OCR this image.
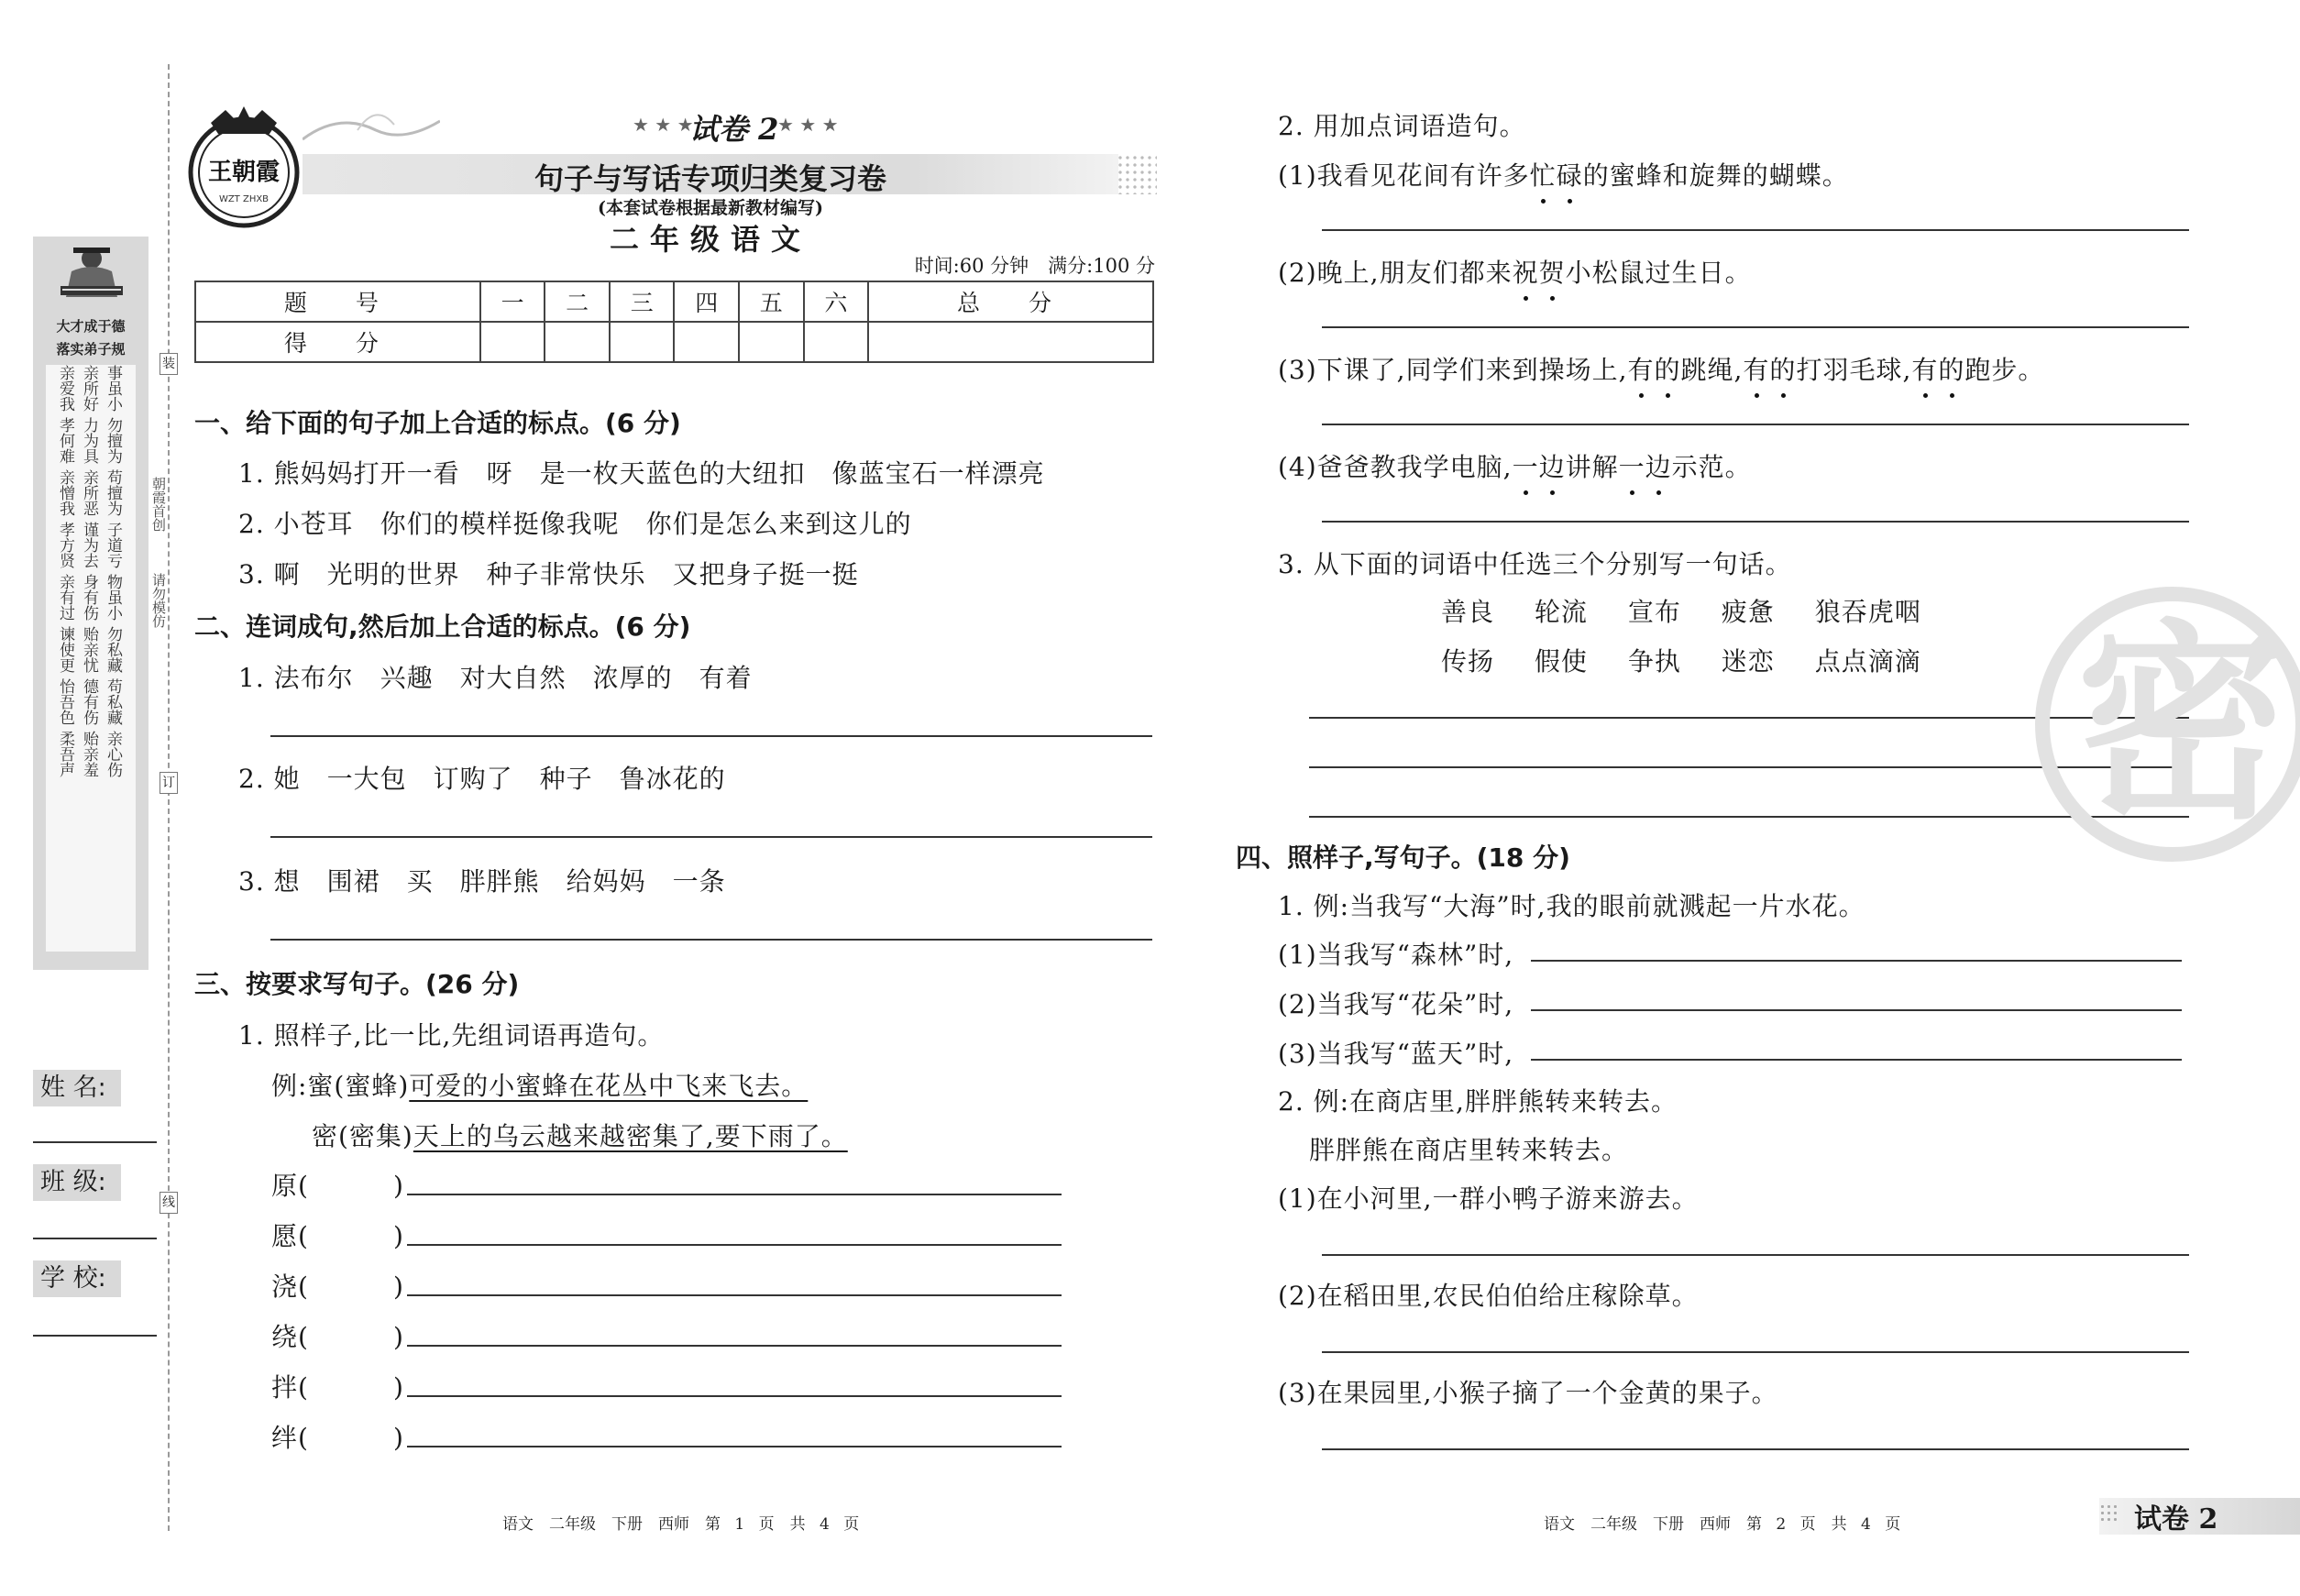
大才成于德
落实弟子规
亲爱我 亲所好 事虽小孝何难 力为具 勿擅为亲憎我 亲所恶 苟擅为孝方贤 谨为去 子道亏亲有过 身有伤 物虽小谏使更 贻亲忧 勿私藏怡吾色 德有伤 苟私藏柔吾声 贻亲羞 亲心伤
姓 名:
班 级:
学 校:
装
订
线
朝霞首创
请勿模仿
王朝霞
WZT ZHXB
★ ★ ★
试卷 2
★ ★ ★
句子与写话专项归类复习卷
(本套试卷根据最新教材编写)
二年级语文
时间:60 分钟　满分:100 分
题　号	一	二	三	四	五	六	总　分
得　分							
一、给下面的句子加上合适的标点。(6 分)
1. 熊妈妈打开一看　呀　是一枚天蓝色的大纽扣　像蓝宝石一样漂亮
2. 小苍耳　你们的模样挺像我呢　你们是怎么来到这儿的
3. 啊　光明的世界　种子非常快乐　又把身子挺一挺
二、连词成句,然后加上合适的标点。(6 分)
1. 法布尔　兴趣　对大自然　浓厚的　有着
2. 她　一大包　订购了　种子　鲁冰花的
3. 想　围裙　买　胖胖熊　给妈妈　一条
三、按要求写句子。(26 分)
1. 照样子,比一比,先组词语再造句。
例:蜜(蜜蜂)可爱的小蜜蜂在花丛中飞来飞去。
密(密集)天上的乌云越来越密集了,要下雨了。
原(	)
愿(	)
浇(	)
绕(	)
拌(	)
绊(	)
2. 用加点词语造句。
(1)我看见花间有许多忙碌的蜜蜂和旋舞的蝴蝶。
(2)晚上,朋友们都来祝贺小松鼠过生日。
(3)下课了,同学们来到操场上,有的跳绳,有的打羽毛球,有的跑步。
(4)爸爸教我学电脑,一边讲解一边示范。
3. 从下面的词语中任选三个分别写一句话。
善良 轮流 宣布 疲惫 狼吞虎咽
传扬 假使 争执 迷恋 点点滴滴 密
四、照样子,写句子。(18 分)
1. 例:当我写“大海”时,我的眼前就溅起一片水花。
(1)当我写“森林”时,
(2)当我写“花朵”时,
(3)当我写“蓝天”时,
2. 例:在商店里,胖胖熊转来转去。
胖胖熊在商店里转来转去。
(1)在小河里,一群小鸭子游来游去。
(2)在稻田里,农民伯伯给庄稼除草。
(3)在果园里,小猴子摘了一个金黄的果子。
语文　二年级　下册　西师　第 1 页　共 4 页	语文　二年级　下册　西师　第 2 页　共 4 页	试卷 2
